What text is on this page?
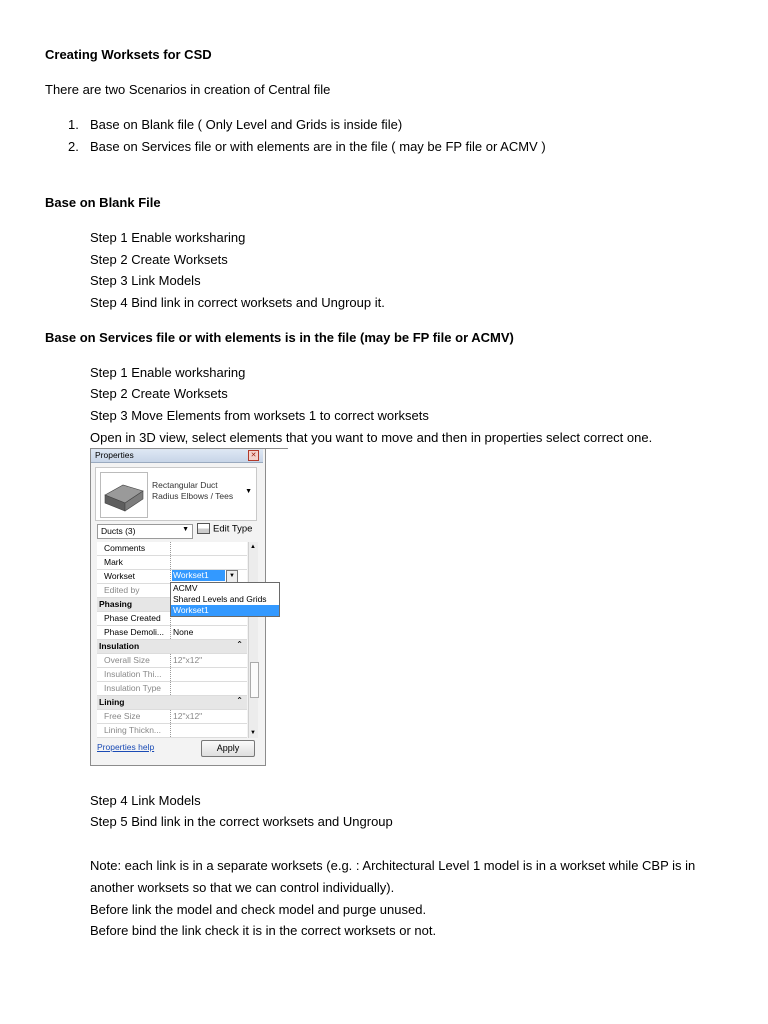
Creating Worksets for CSD
There are two Scenarios in creation of Central file
1. Base on Blank file ( Only Level and Grids is inside file)
2. Base on Services file or with elements are in the file ( may be FP file or ACMV )
Base on Blank File
Step 1 Enable worksharing
Step 2 Create Worksets
Step 3 Link Models
Step 4 Bind link in correct worksets and Ungroup it.
Base on Services file or with elements is in the file (may be FP file or ACMV)
Step 1 Enable worksharing
Step 2 Create Worksets
Step 3 Move Elements from worksets 1 to correct worksets
Open in 3D view, select elements that you want to move and then in properties select correct one.
Properties	✕
Rectangular Duct
Radius Elbows / Tees ▼
Ducts (3)	▼	Edit Type
Comments
Mark
Workset	Workset1	▼
Edited by
Phasing
Phase Created
Phase Demoli...	None
Insulation	⌃
Overall Size	12"x12"
Insulation Thi...
Insulation Type
Lining	⌃
Free Size	12"x12"
Lining Thickn...
▲
▼
Properties help	Apply
ACMV
Shared Levels and Grids
Workset1
Step 4 Link Models
Step 5 Bind link in the correct worksets and Ungroup
Note: each link is in a separate worksets (e.g. : Architectural Level 1 model is in a workset while CBP is in
another worksets so that we can control individually).
Before link the model and check model and purge unused.
Before bind the link check it is in the correct worksets or not.
